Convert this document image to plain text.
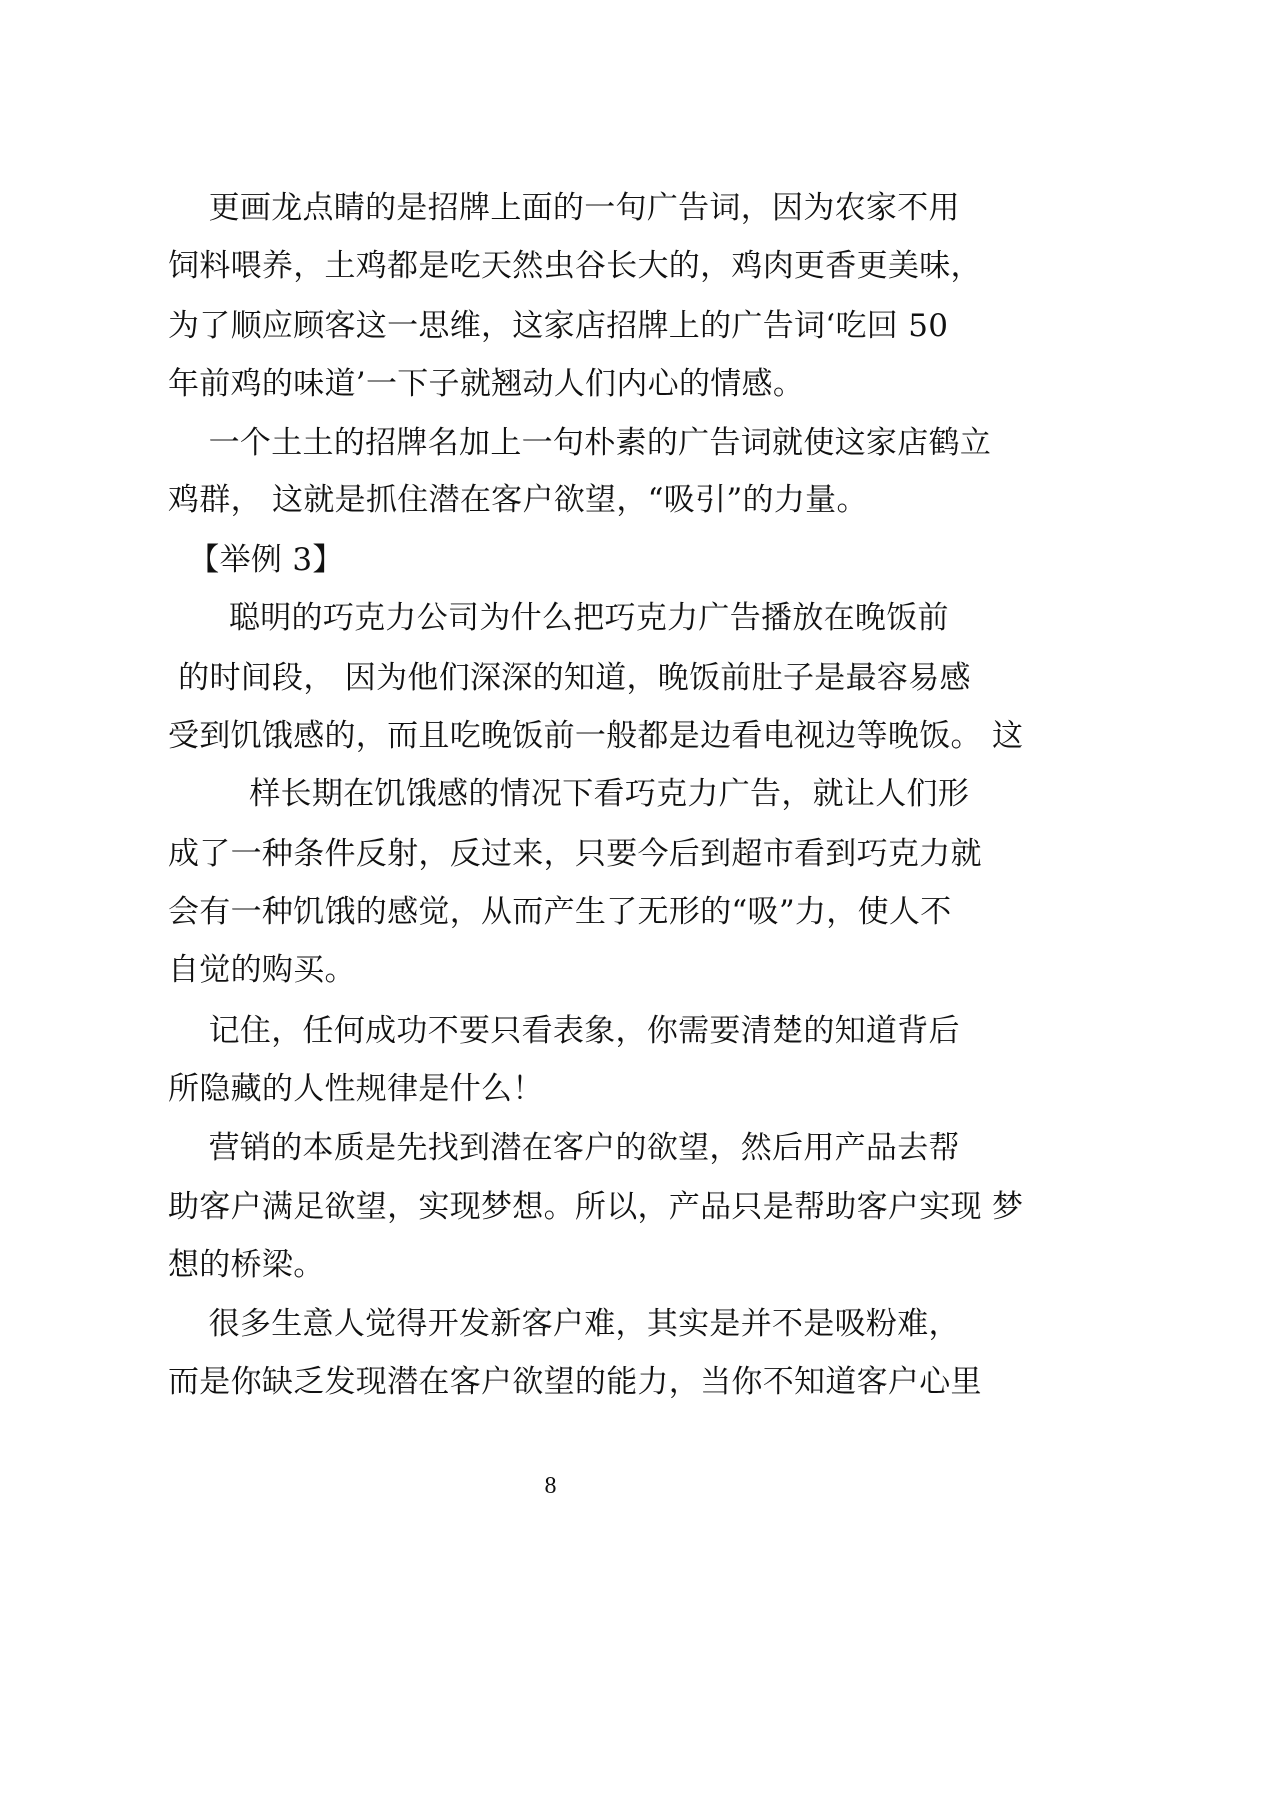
更画龙点睛的是招牌上面的一句广告词，因为农家不用
饲料喂养，土鸡都是吃天然虫谷长大的，鸡肉更香更美味，
为了顺应顾客这一思维，这家店招牌上的广告词‘吃回 50
年前鸡的味道’一下子就翘动人们内心的情感。
一个土土的招牌名加上一句朴素的广告词就使这家店鹤立
鸡群， 这就是抓住潜在客户欲望，“吸引”的力量。
【举例 3】
聪明的巧克力公司为什么把巧克力广告播放在晚饭前
的时间段， 因为他们深深的知道，晚饭前肚子是最容易感
受到饥饿感的，而且吃晚饭前一般都是边看电视边等晚饭。 这
样长期在饥饿感的情况下看巧克力广告，就让人们形
成了一种条件反射，反过来，只要今后到超市看到巧克力就
会有一种饥饿的感觉，从而产生了无形的“吸”力，使人不
自觉的购买。
记住，任何成功不要只看表象，你需要清楚的知道背后
所隐藏的人性规律是什么！
营销的本质是先找到潜在客户的欲望，然后用产品去帮
助客户满足欲望，实现梦想。所以，产品只是帮助客户实现 梦
想的桥梁。
很多生意人觉得开发新客户难，其实是并不是吸粉难，
而是你缺乏发现潜在客户欲望的能力，当你不知道客户心里
8
